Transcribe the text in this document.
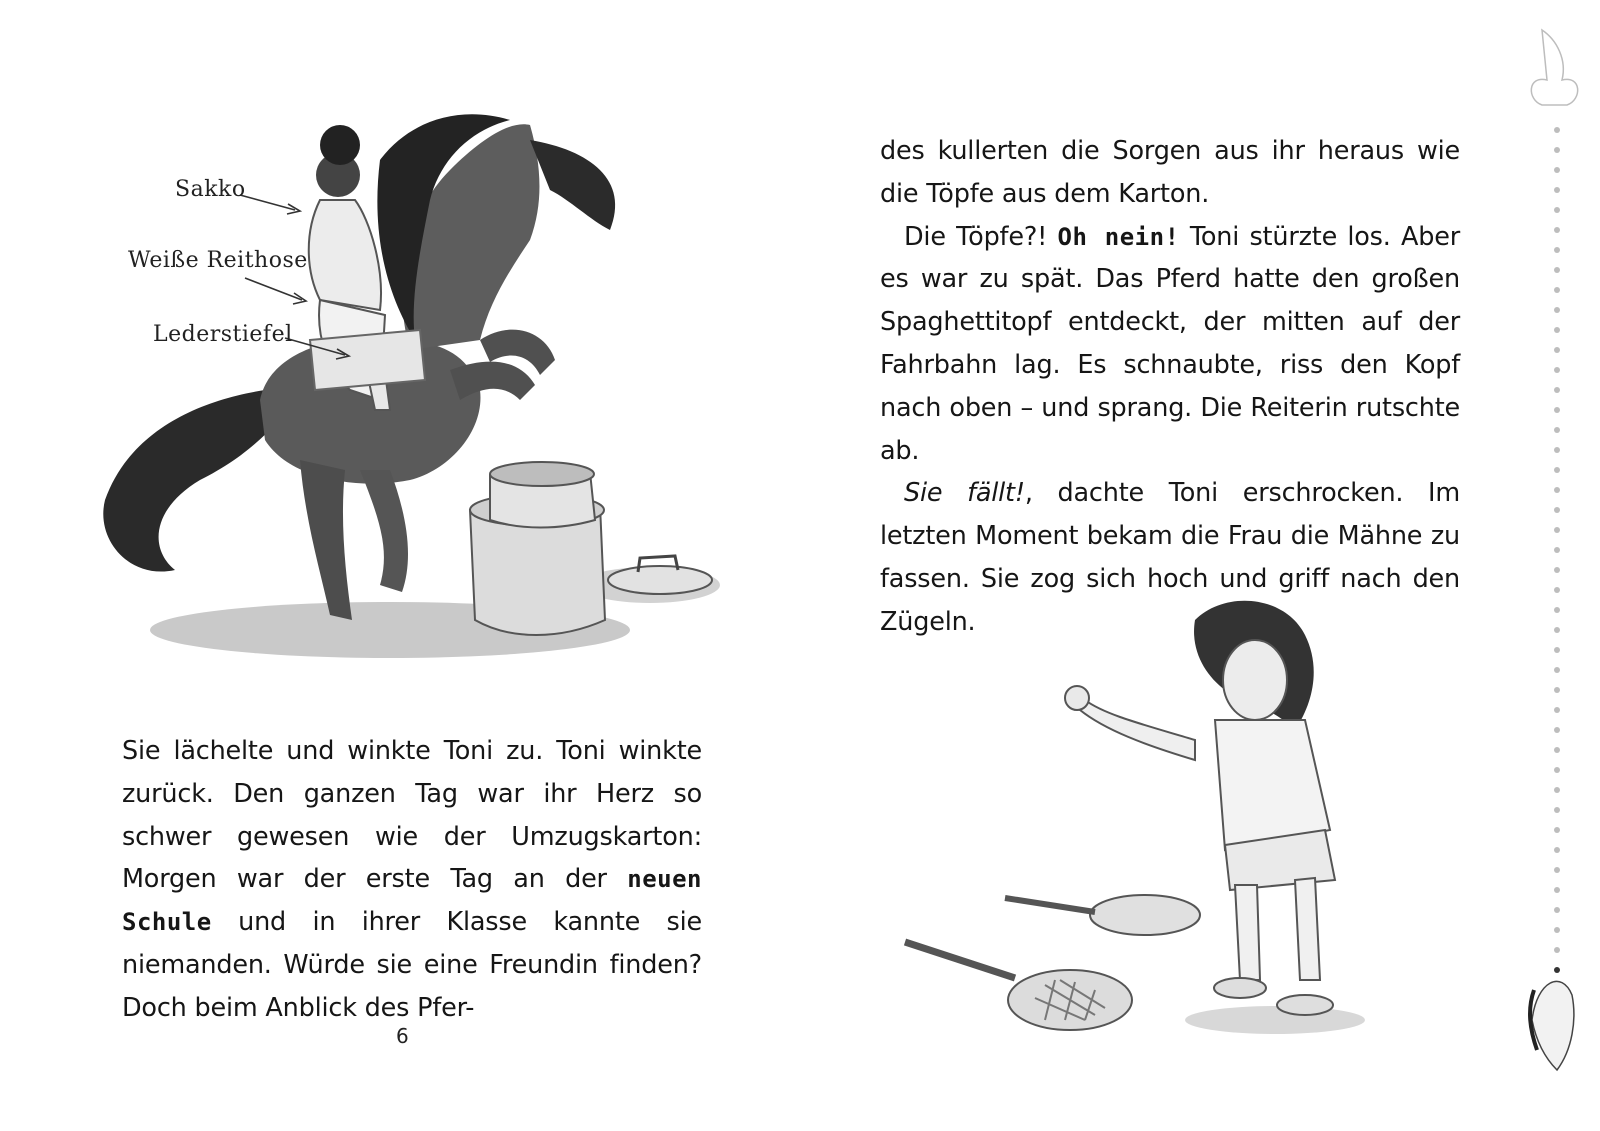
Sakko
Weiße Reithose
Lederstiefel

Sie lächelte und winkte Toni zu. Toni winkte zurück. Den ganzen Tag war ihr Herz so schwer gewesen wie der Umzugskarton: Morgen war der erste Tag an der neuen Schule und in ihrer Klasse kannte sie niemanden. Würde sie eine Freundin finden? Doch beim Anblick des Pfer-

6

des kullerten die Sorgen aus ihr heraus wie die Töpfe aus dem Karton.

Die Töpfe?! Oh nein! Toni stürzte los. Aber es war zu spät. Das Pferd hatte den großen Spaghettitopf entdeckt, der mitten auf der Fahrbahn lag. Es schnaubte, riss den Kopf nach oben – und sprang. Die Reiterin rutschte ab.

Sie fällt!, dachte Toni erschrocken. Im letzten Moment bekam die Frau die Mähne zu fassen. Sie zog sich hoch und griff nach den Zügeln.
